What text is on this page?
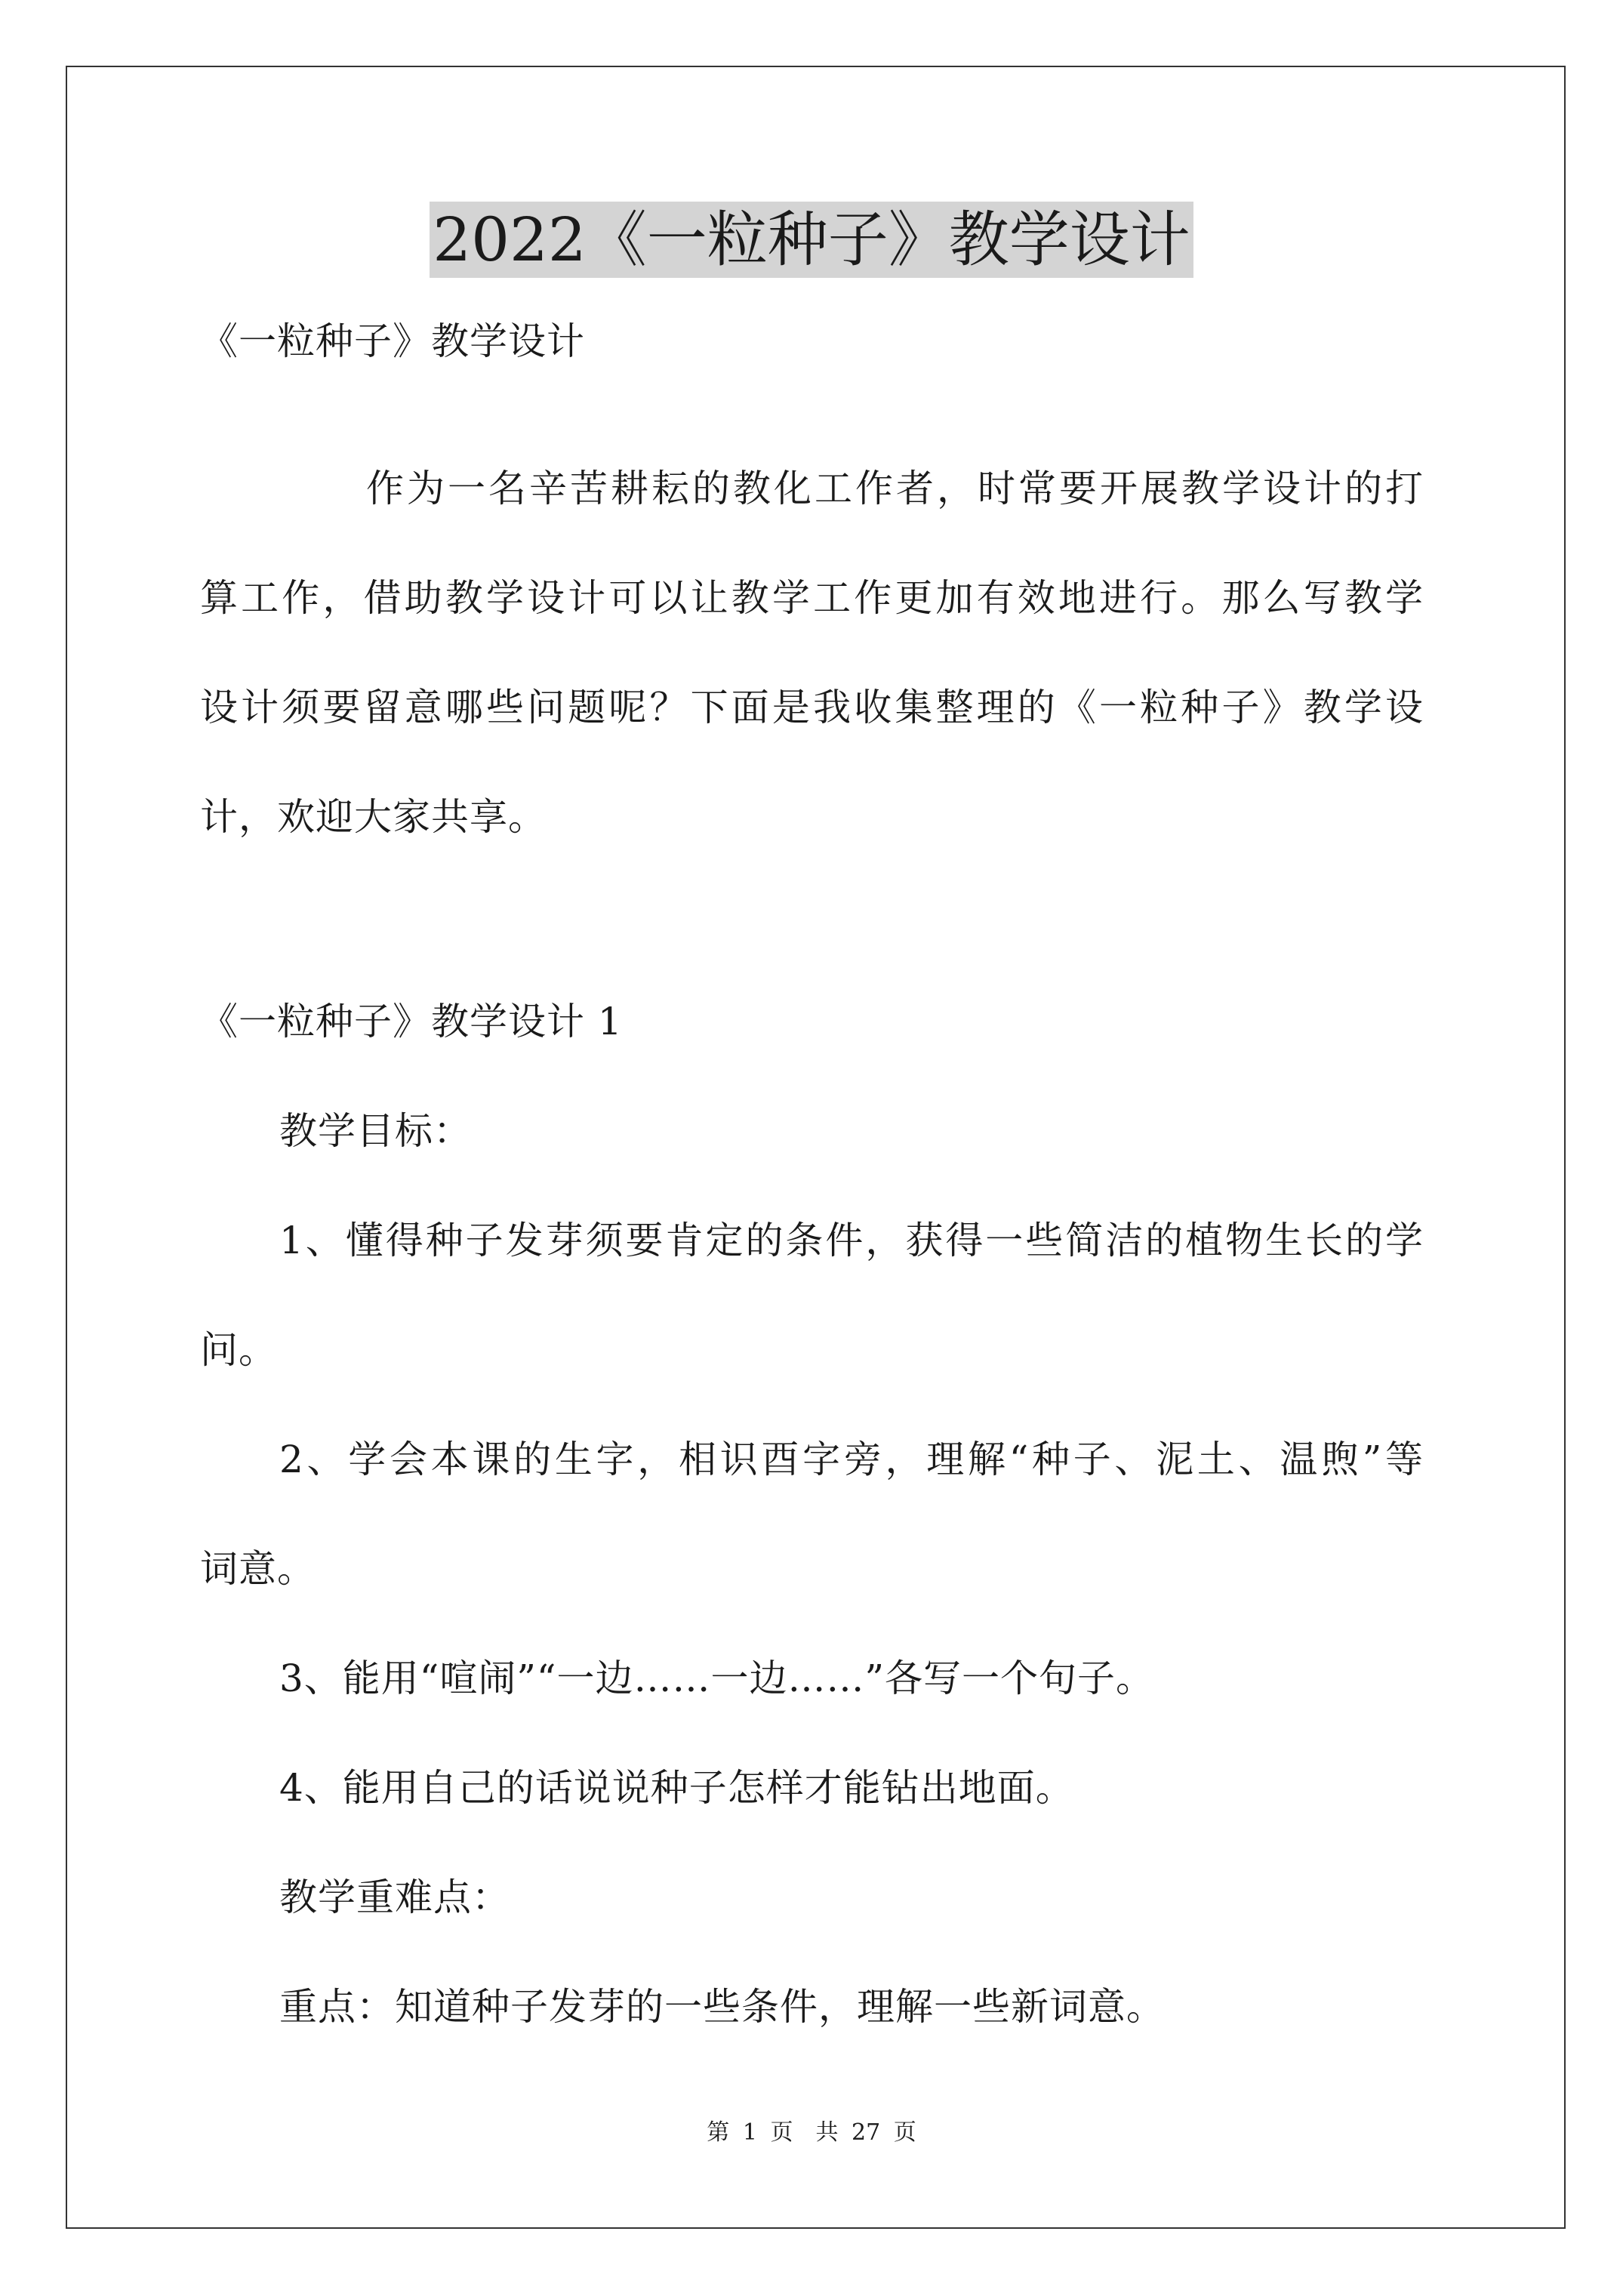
2022《一粒种子》教学设计
《一粒种子》教学设计
作为一名辛苦耕耘的教化工作者，时常要开展教学设计的打
算工作，借助教学设计可以让教学工作更加有效地进行。那么写教学
设计须要留意哪些问题呢？下面是我收集整理的《一粒种子》教学设
计，欢迎大家共享。
《一粒种子》教学设计 1
教学目标：
1、懂得种子发芽须要肯定的条件，获得一些简洁的植物生长的学
问。
2、学会本课的生字，相识酉字旁，理解“种子、泥土、温煦”等
词意。
3、能用“喧闹”“一边……一边……”各写一个句子。
4、能用自己的话说说种子怎样才能钻出地面。
教学重难点：
重点：知道种子发芽的一些条件，理解一些新词意。
第 1 页　共 27 页
